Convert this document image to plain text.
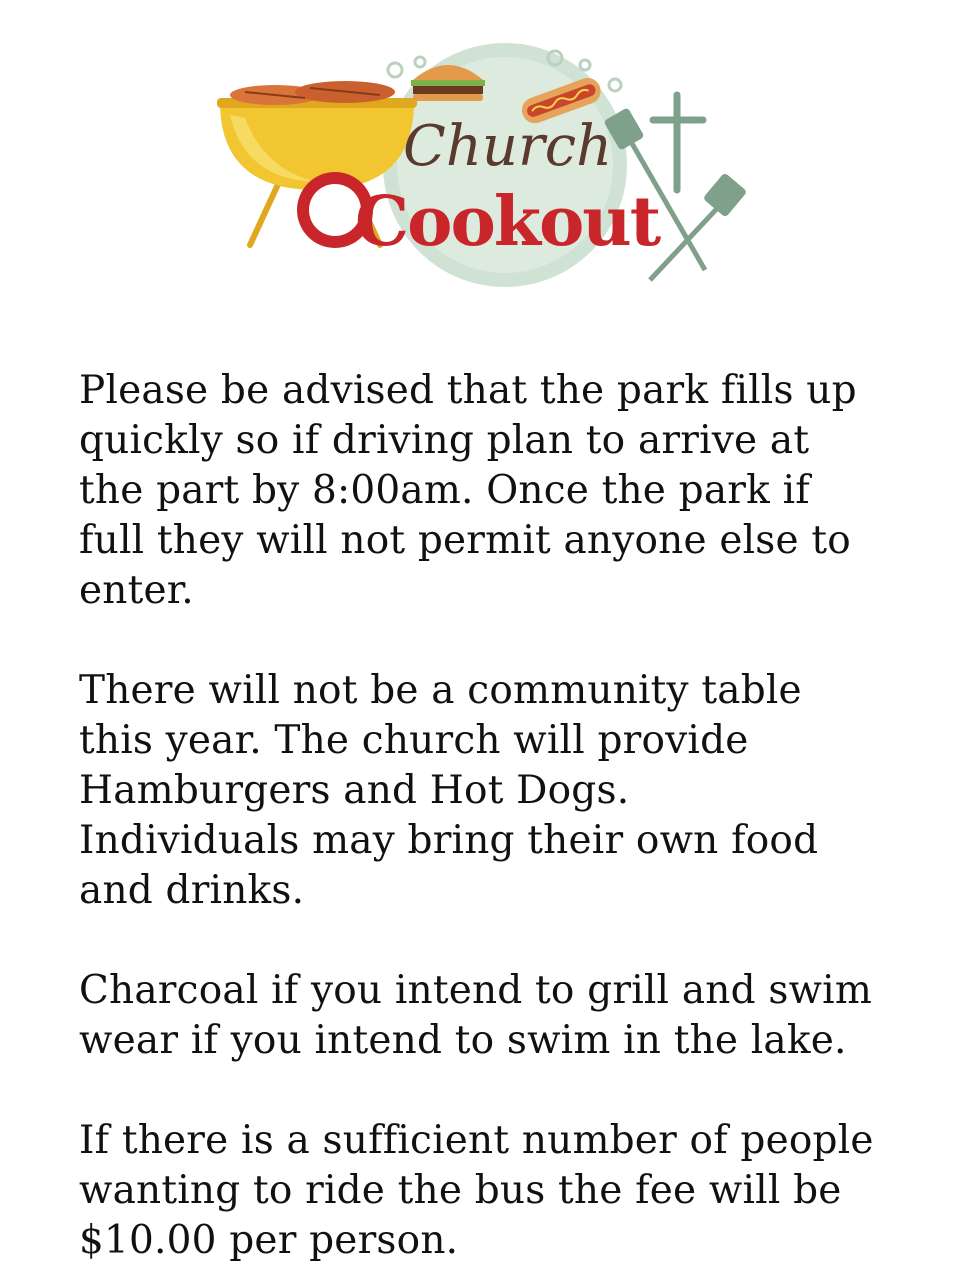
Church
Cookout

Please be advised that the park fills up
quickly so if driving plan to arrive at
the part by 8:00am. Once the park if
full they will not permit anyone else to
enter.

There will not be a community table
this year. The church will provide
Hamburgers and Hot Dogs.
Individuals may bring their own food
and drinks.

Charcoal if you intend to grill and swim
wear if you intend to swim in the lake.

If there is a sufficient number of people
wanting to ride the bus the fee will be
$10.00 per person.
